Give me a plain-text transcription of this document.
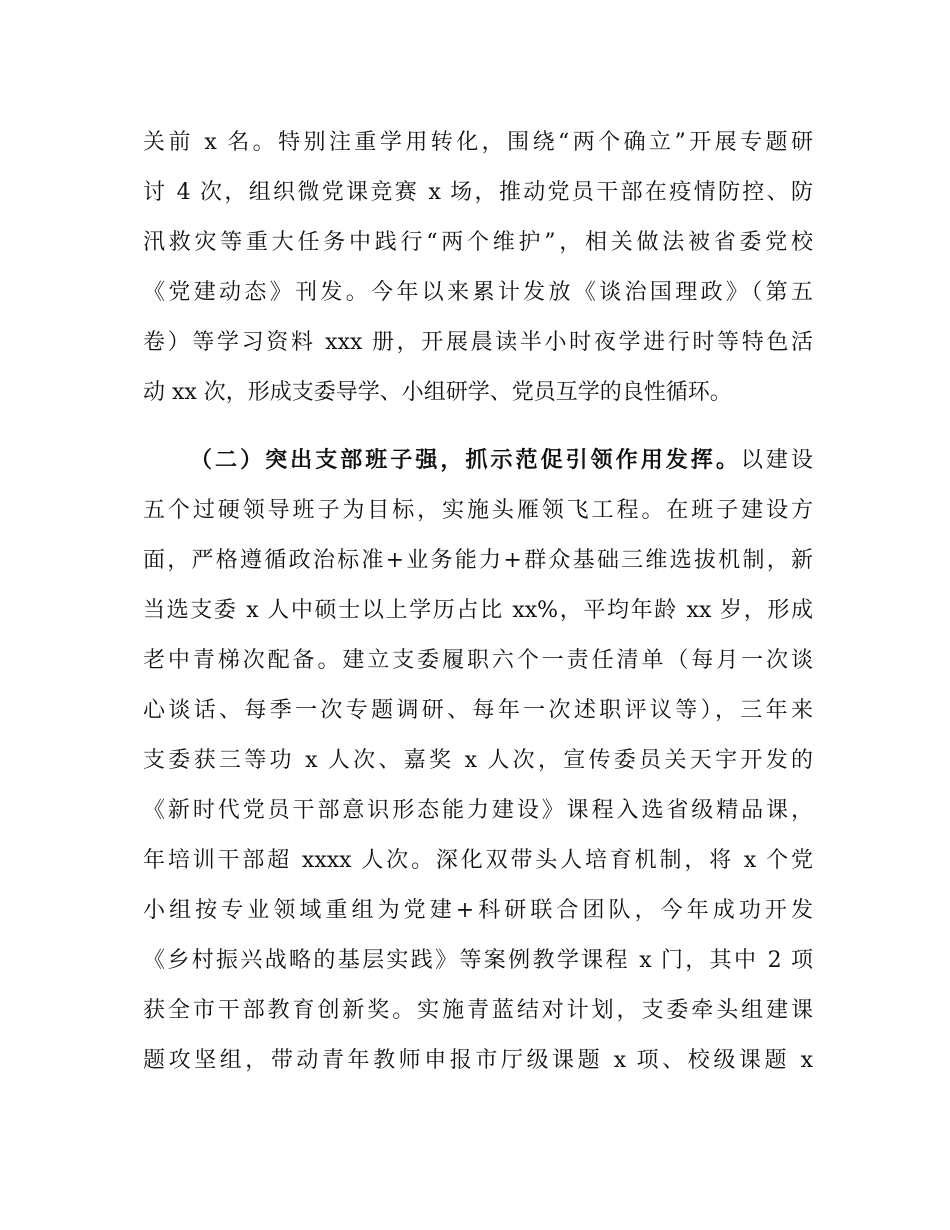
关前 x 名。特别注重学用转化，围绕“两个确立”开展专题研
讨 4 次，组织微党课竞赛 x 场，推动党员干部在疫情防控、防
汛救灾等重大任务中践行“两个维护”，相关做法被省委党校
《党建动态》刊发。今年以来累计发放《谈治国理政》（第五
卷）等学习资料 xxx 册，开展晨读半小时夜学进行时等特色活
动 xx 次，形成支委导学、小组研学、党员互学的良性循环。
（二）突出支部班子强，抓示范促引领作用发挥。以建设
五个过硬领导班子为目标，实施头雁领飞工程。在班子建设方
面，严格遵循政治标准+业务能力+群众基础三维选拔机制，新
当选支委 x 人中硕士以上学历占比 xx%，平均年龄 xx 岁，形成
老中青梯次配备。建立支委履职六个一责任清单（每月一次谈
心谈话、每季一次专题调研、每年一次述职评议等），三年来
支委获三等功 x 人次、嘉奖 x 人次，宣传委员关天宇开发的
《新时代党员干部意识形态能力建设》课程入选省级精品课，
年培训干部超 xxxx 人次。深化双带头人培育机制，将 x 个党
小组按专业领域重组为党建+科研联合团队，今年成功开发
《乡村振兴战略的基层实践》等案例教学课程 x 门，其中 2 项
获全市干部教育创新奖。实施青蓝结对计划，支委牵头组建课
题攻坚组，带动青年教师申报市厅级课题 x 项、校级课题 x
